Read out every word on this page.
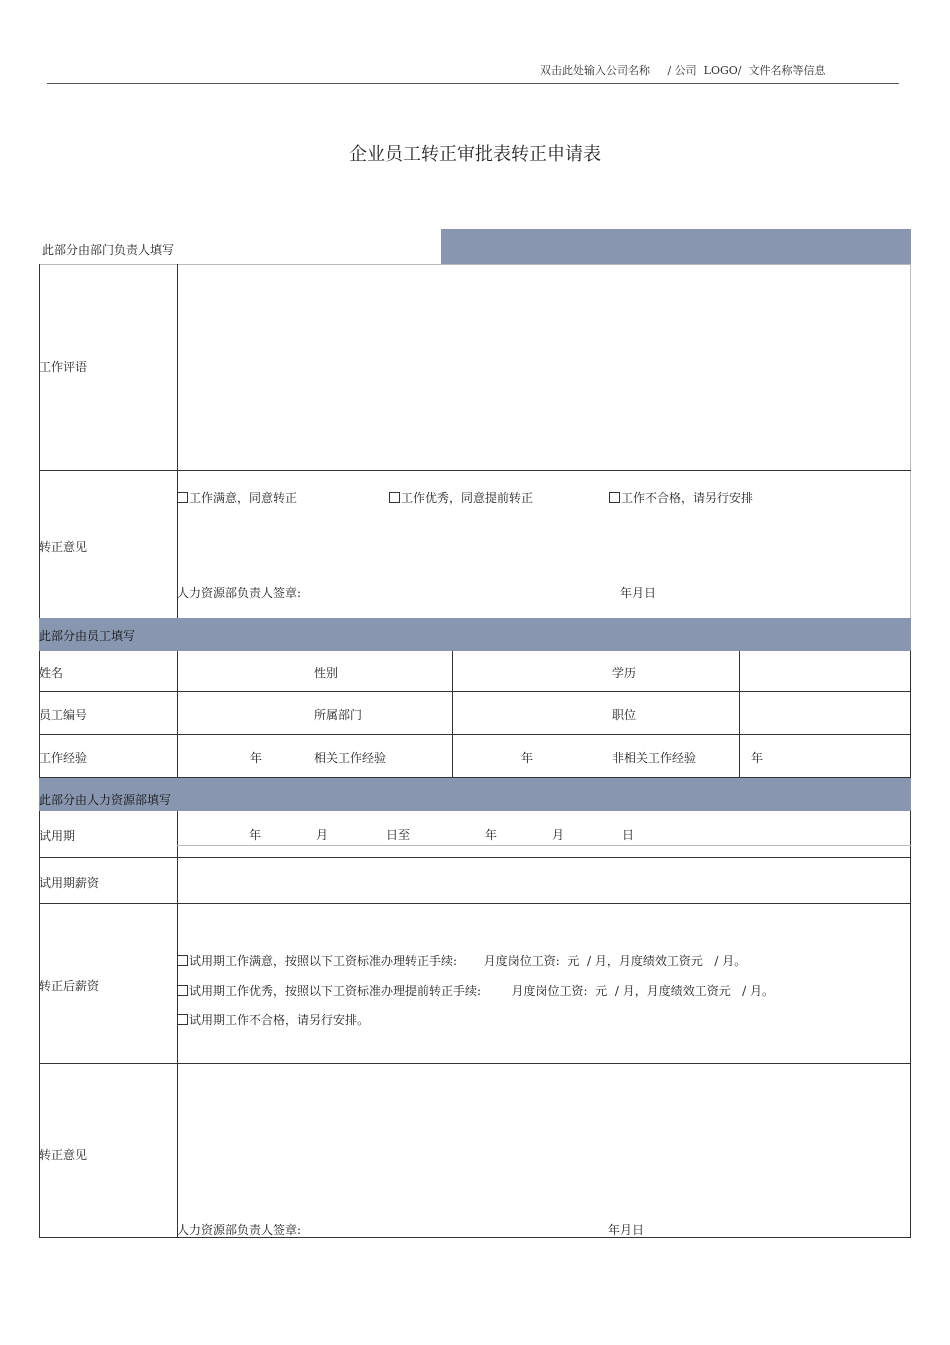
双击此处输入公司名称     / 公司  LOGO/  文件名称等信息
企业员工转正审批表转正申请表
此部分由部门负责人填写
工作评语
转正意见
工作满意，同意转正	工作优秀，同意提前转正	工作不合格，请另行安排
人力资源部负责人签章:	年月日
此部分由员工填写
姓名	性别	学历
员工编号	所属部门	职位
工作经验	年	相关工作经验	年	非相关工作经验	年
此部分由人力资源部填写
试用期	年	月	日至	年	月	日
试用期薪资
转正后薪资
试用期工作满意，按照以下工资标准办理转正手续:       月度岗位工资:  元  / 月，月度绩效工资元   / 月。
试用期工作优秀，按照以下工资标准办理提前转正手续:        月度岗位工资:  元  / 月，月度绩效工资元   / 月。
试用期工作不合格，请另行安排。
转正意见
人力资源部负责人签章:	年月日
